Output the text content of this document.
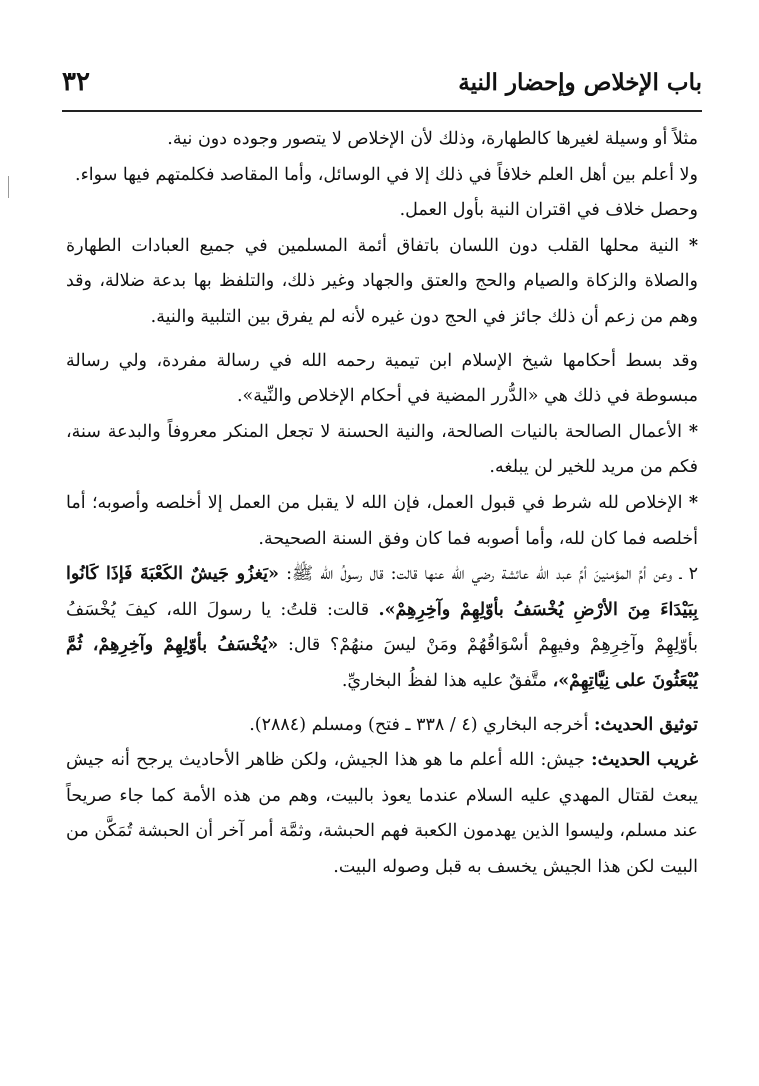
باب الإخلاص وإحضار النية
٣٢

مثلاً أو وسيلة لغيرها كالطهارة، وذلك لأن الإخلاص لا يتصور وجوده دون نية.

ولا أعلم بين أهل العلم خلافاً في ذلك إلا في الوسائل، وأما المقاصد فكلمتهم فيها سواء.

وحصل خلاف في اقتران النية بأول العمل.

* النية محلها القلب دون اللسان باتفاق أئمة المسلمين في جميع العبادات الطهارة والصلاة والزكاة والصيام والحج والعتق والجهاد وغير ذلك، والتلفظ بها بدعة ضلالة، وقد وهم من زعم أن ذلك جائز في الحج دون غيره لأنه لم يفرق بين التلبية والنية.

وقد بسط أحكامها شيخ الإسلام ابن تيمية رحمه الله في رسالة مفردة، ولي رسالة مبسوطة في ذلك هي «الدُّرر المضية في أحكام الإخلاص والنِّية».

* الأعمال الصالحة بالنيات الصالحة، والنية الحسنة لا تجعل المنكر معروفاً والبدعة سنة، فكم من مريد للخير لن يبلغه.

* الإخلاص لله شرط في قبول العمل، فإن الله لا يقبل من العمل إلا أخلصه وأصوبه؛ أما أخلصه فما كان لله، وأما أصوبه فما كان وفق السنة الصحيحة.

٢ ـ وعن أمِّ المؤمنينَ أمِّ عبد الله عائشة رضي الله عنها قالت: قال رسولُ الله ﷺ: «يَغزُو جَيشٌ الكَعْبَةَ فَإذَا كَانُوا بِبَيْدَاءَ مِنَ الأرْضِ يُخْسَفُ بأوّلِهِمْ وآخِرِهِمْ». قالت: قلتُ: يا رسولَ الله، كيفَ يُخْسَفُ بأوّلِهِمْ وآخِرِهِمْ وفيهِمْ أسْوَاقُهُمْ ومَنْ ليسَ منهُمْ؟ قال: «يُخْسَفُ بأوّلِهِمْ وآخِرِهِمْ، ثُمَّ يُبْعَثُونَ على نِيَّاتِهِمْ»، متَّفقٌ عليه هذا لفظُ البخاريِّ.

توثيق الحديث: أخرجه البخاري (٤ / ٣٣٨ ـ فتح) ومسلم (٢٨٨٤).

غريب الحديث: جيش: الله أعلم ما هو هذا الجيش، ولكن ظاهر الأحاديث يرجح أنه جيش يبعث لقتال المهدي عليه السلام عندما يعوذ بالبيت، وهم من هذه الأمة كما جاء صريحاً عند مسلم، وليسوا الذين يهدمون الكعبة فهم الحبشة، وثمَّة أمر آخر أن الحبشة تُمَكَّن من البيت لكن هذا الجيش يخسف به قبل وصوله البيت.
